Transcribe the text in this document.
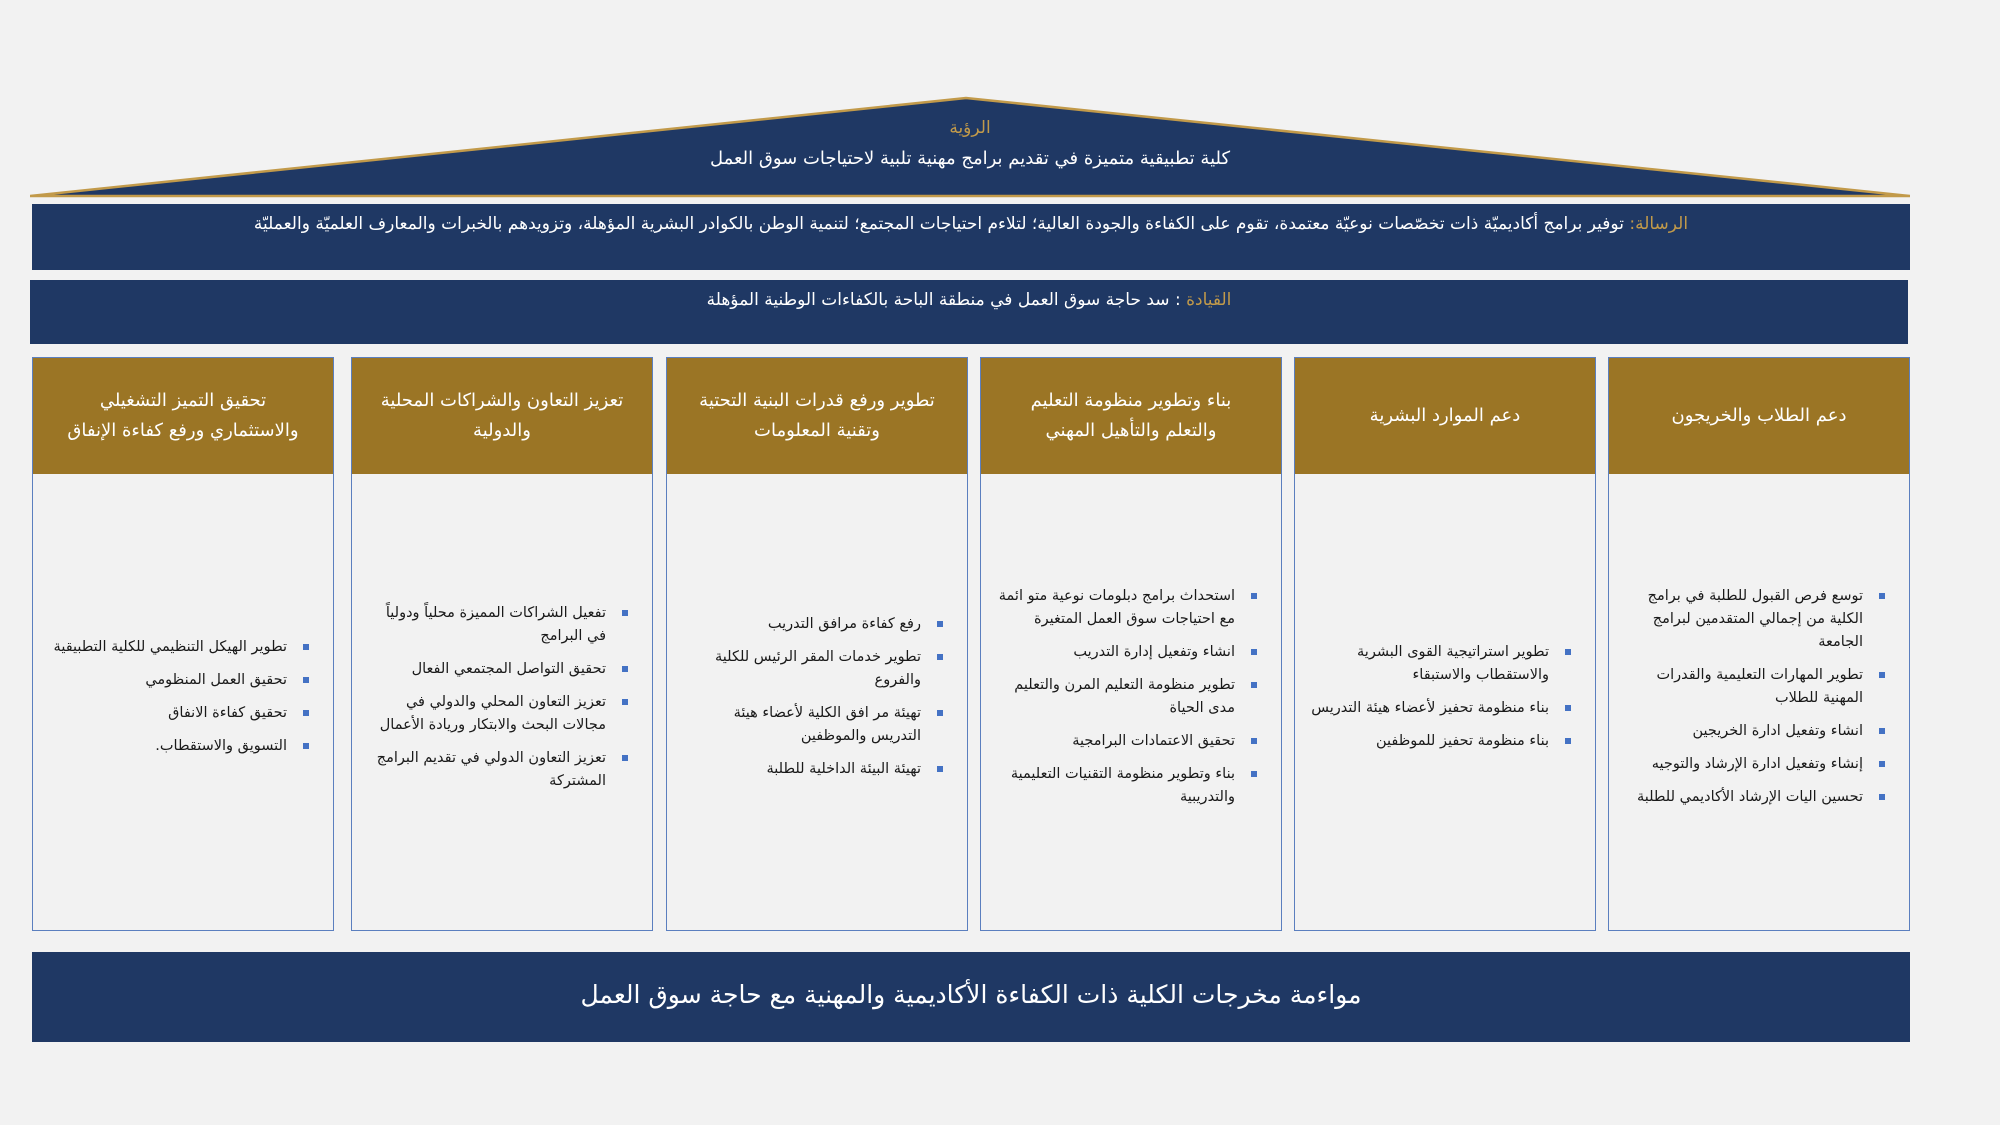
الرؤية
كلية تطبيقية متميزة في تقديم برامج مهنية تلبية لاحتياجات سوق العمل
الرسالة: توفير برامج أكاديميّة ذات تخصّصات نوعيّة معتمدة، تقوم على الكفاءة والجودة العالية؛ لتلاءم احتياجات المجتمع؛ لتنمية الوطن بالكوادر البشرية المؤهلة، وتزويدهم بالخبرات والمعارف العلميّة والعمليّة
القيادة : سد حاجة سوق العمل في منطقة الباحة بالكفاءات الوطنية المؤهلة
دعم الطلاب والخريجون
توسع فرص القبول للطلبة في برامج الكلية من إجمالي المتقدمين لبرامج الجامعة
تطوير المهارات التعليمية والقدرات المهنية للطلاب
انشاء وتفعيل ادارة الخريجين
إنشاء وتفعيل ادارة الإرشاد والتوجيه
تحسين اليات الإرشاد الأكاديمي للطلبة
دعم الموارد البشرية
تطوير استراتيجية القوى البشرية والاستقطاب والاستبقاء
بناء منظومة تحفيز لأعضاء هيئة التدريس
بناء منظومة تحفيز للموظفين
بناء وتطوير منظومة التعليم والتعلم والتأهيل المهني
استحداث برامج دبلومات نوعية متو ائمة مع احتياجات سوق العمل المتغيرة
انشاء وتفعيل إدارة التدريب
تطوير منظومة التعليم المرن والتعليم مدى الحياة
تحقيق الاعتمادات البرامجية
بناء وتطوير منظومة التقنيات التعليمية والتدريبية
تطوير ورفع قدرات البنية التحتية وتقنية المعلومات
رفع كفاءة مرافق التدريب
تطوير خدمات المقر الرئيس للكلية والفروع
تهيئة مر افق الكلية لأعضاء هيئة التدريس والموظفين
تهيئة البيئة الداخلية للطلبة
تعزيز التعاون والشراكات المحلية والدولية
تفعيل الشراكات المميزة محلياً ودولياً في البرامج
تحقيق التواصل المجتمعي الفعال
تعزيز التعاون المحلي والدولي في مجالات البحث والابتكار وريادة الأعمال
تعزيز التعاون الدولي في تقديم البرامج المشتركة
تحقيق التميز التشغيلي والاستثماري ورفع كفاءة الإنفاق
تطوير الهيكل التنظيمي للكلية التطبيقية
تحقيق العمل المنظومي
تحقيق كفاءة الانفاق
التسويق والاستقطاب.
مواءمة مخرجات الكلية ذات الكفاءة الأكاديمية والمهنية مع حاجة سوق العمل
